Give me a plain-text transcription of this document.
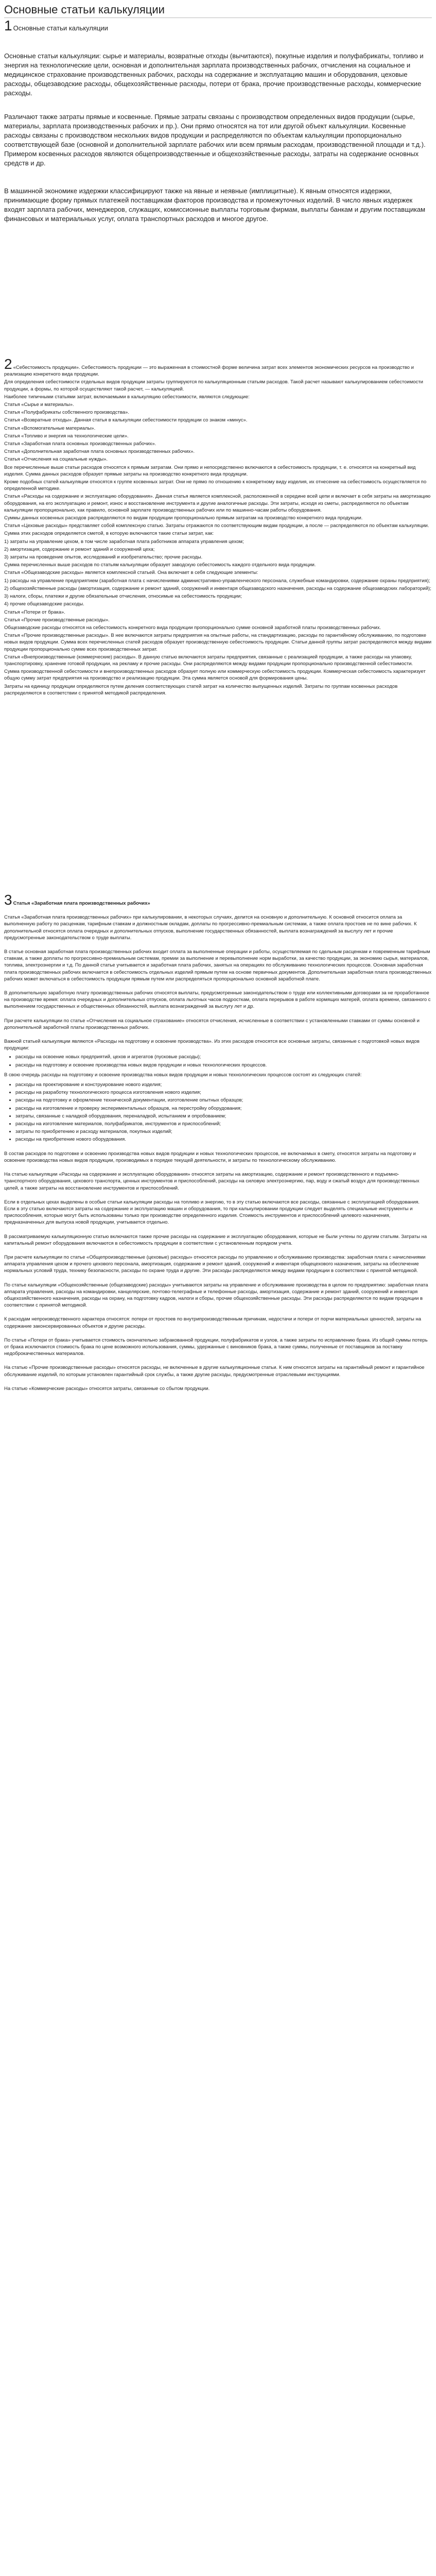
Основные статьи калькуляции
1 Основные статьи калькуляции

Основные статьи калькуляции: сырье и материалы, возвратные отходы (вычитаются), покупные изделия и полуфабрикаты, топливо и энергия на технологические цели, основная и дополнительная зарплата производственных рабочих, отчисления на социальное и медицинское страхование производственных рабочих, расходы на содержание и эксплуатацию машин и оборудования, цеховые расходы, общезаводские расходы, общехозяйственные расходы, потери от брака, прочие производственные расходы, коммерческие расходы.

Различают также затраты прямые и косвенные. Прямые затраты связаны с производством определенных видов продукции (сырье, материалы, зарплата производственных рабочих и пр.). Они прямо относятся на тот или другой объект калькуляции. Косвенные расходы связаны с производством нескольких видов продукции и распределяются по объектам калькуляции пропорционально соответствующей базе (основной и дополнительной зарплате рабочих или всем прямым расходам, производственной площади и т.д.). Примером косвенных расходов являются общепроизводственные и общехозяйственные расходы, затраты на содержание основных средств и др.

В машинной экономике издержки классифицируют также на явные и неявные (имплицитные). К явным относятся издержки, принимающие форму прямых платежей поставщикам факторов производства и промежуточных изделий. В число явных издержек входят зарплата рабочих, менеджеров, служащих, комиссионные выплаты торговым фирмам, выплаты банкам и другим поставщикам финансовых и материальных услуг, оплата транспортных расходов и многое другое.

2 «Себестоимость продукции». Себестоимость продукции — это выраженная в стоимостной форме величина затрат всех элементов экономических ресурсов на производство и реализацию конкретного вида продукции.

Для определения себестоимости отдельных видов продукции затраты группируются по калькуляционным статьям расходов. Такой расчет называют калькулированием себестоимости продукции, а формы, по которой осуществляют такой расчет, — калькуляцией.

Наиболее типичными статьями затрат, включаемыми в калькуляцию себестоимости, являются следующие:

Статья «Сырье и материалы».

Статья «Полуфабрикаты собственного производства».

Статья «Возвратные отходы». Данная статья в калькуляции себестоимости продукции со знаком «минус».

Статья «Вспомогательные материалы».

Статья «Топливо и энергия на технологические цели».

Статья «Заработная плата основных производственных рабочих».

Статья «Дополнительная заработная плата основных производственных рабочих».

Статья «Отчисления на социальные нужды».

Все перечисленные выше статьи расходов относятся к прямым затратам. Они прямо и непосредственно включаются в себестоимость продукции, т. е. относятся на конкретный вид изделия. Сумма данных расходов образует прямые затраты на производство конкретного вида продукции.

Кроме подобных статей калькуляции относятся к группе косвенных затрат. Они не прямо по отношению к конкретному виду изделия, их отнесение на себестоимость осуществляется по определенной методике.

Статья «Расходы на содержание и эксплуатацию оборудования». Данная статья является комплексной, расположенной в середине всей цепи и включает в себя затраты на амортизацию оборудования, на его эксплуатацию и ремонт, износ и восстановление инструмента и другие аналогичные расходы. Эти затраты, исходя из сметы, распределяются по объектам калькуляции пропорционально, как правило, основной зарплате производственных рабочих или по машинно-часам работы оборудования.

Суммы данных косвенных расходов распределяются по видам продукции пропорционально прямым затратам на производство конкретного вида продукции.

Статья «Цеховые расходы» представляет собой комплексную статью. Затраты отражаются по соответствующим видам продукции, а после — распределяются по объектам калькуляции.

Сумма этих расходов определяется сметой, в которую включаются такие статьи затрат, как:

1) затраты на управление цехом, в том числе заработная плата работников аппарата управления цехом;

2) амортизация, содержание и ремонт зданий и сооружений цеха;

3) затраты на проведение опытов, исследований и изобретательство; прочие расходы.

Сумма перечисленных выше расходов по статьям калькуляции образует заводскую себестоимость каждого отдельного вида продукции.

Статья «Общезаводские расходы» является комплексной статьей. Она включает в себя следующие элементы:

1) расходы на управление предприятием (заработная плата с начислениями административно-управленческого персонала, служебные командировки, содержание охраны предприятия);

2) общехозяйственные расходы (амортизация, содержание и ремонт зданий, сооружений и инвентаря общезаводского назначения, расходы на содержание общезаводских лабораторий);

3) налоги, сборы, платежи и другие обязательные отчисления, относимые на себестоимость продукции;

4) прочие общезаводские расходы.

Статья «Потери от брака».

Статья «Прочие производственные расходы».

Общезаводские расходы относятся на себестоимость конкретного вида продукции пропорционально сумме основной заработной платы производственных рабочих.

Статья «Прочие производственные расходы». В нее включаются затраты предприятия на опытные работы, на стандартизацию, расходы по гарантийному обслуживанию, по подготовке новых видов продукции. Сумма всех перечисленных статей расходов образует производственную себестоимость продукции. Статьи данной группы затрат распределяются между видами продукции пропорционально сумме всех производственных затрат.

Статья «Внепроизводственные (коммерческие) расходы». В данную статью включаются затраты предприятия, связанные с реализацией продукции, а также расходы на упаковку, транспортировку, хранение готовой продукции, на рекламу и прочие расходы. Они распределяются между видами продукции пропорционально производственной себестоимости.

Сумма производственной себестоимости и внепроизводственных расходов образует полную или коммерческую себестоимость продукции. Коммерческая себестоимость характеризует общую сумму затрат предприятия на производство и реализацию продукции. Эта сумма является основой для формирования цены.

Затраты на единицу продукции определяются путем деления соответствующих статей затрат на количество выпущенных изделий. Затраты по группам косвенных расходов распределяются в соответствии с принятой методикой распределения.

3 Статья «Заработная плата производственных рабочих»

Статья «Заработная плата производственных рабочих» при калькулировании, в некоторых случаях, делится на основную и дополнительную. К основной относится оплата за выполненную работу по расценкам, тарифным ставкам и должностным окладам, доплаты по прогрессивно-премиальным системам, а также оплата простоев не по вине рабочих. К дополнительной относятся оплата очередных и дополнительных отпусков, выполнение государственных обязанностей, выплата вознаграждений за выслугу лет и прочие предусмотренные законодательством о труде выплаты.

В статье основная заработная плата производственных рабочих входит оплата за выполненные операции и работы, осуществляемая по сдельным расценкам и повременным тарифным ставкам, а также доплаты по прогрессивно-премиальным системам, премии за выполнение и перевыполнение норм выработки, за качество продукции, за экономию сырья, материалов, топлива, электроэнергии и т.д. По данной статье учитывается и заработная плата рабочих, занятых на операциях по обслуживанию технологических процессов. Основная заработная плата производственных рабочих включается в себестоимость отдельных изделий прямым путем на основе первичных документов. Дополнительная заработная плата производственных рабочих может включаться в себестоимость продукции прямым путем или распределяться пропорционально основной заработной плате.

В дополнительную заработную плату производственных рабочих относятся выплаты, предусмотренные законодательством о труде или коллективными договорами за не проработанное на производстве время: оплата очередных и дополнительных отпусков, оплата льготных часов подросткам, оплата перерывов в работе кормящих матерей, оплата времени, связанного с выполнением государственных и общественных обязанностей, выплата вознаграждений за выслугу лет и др.

При расчете калькуляции по статье «Отчисления на социальное страхование» относятся отчисления, исчисленные в соответствии с установленными ставками от суммы основной и дополнительной заработной платы производственных рабочих.

Важной статьей калькуляции являются «Расходы на подготовку и освоение производства». Из этих расходов относятся все основные затраты, связанные с подготовкой новых видов продукции:

• расходы на освоение новых предприятий, цехов и агрегатов (пусковые расходы);
• расходы на подготовку и освоение производства новых видов продукции и новых технологических процессов.

В свою очередь расходы на подготовку и освоение производства новых видов продукции и новых технологических процессов состоят из следующих статей:

• расходы на проектирование и конструирование нового изделия;
• расходы на разработку технологического процесса изготовления нового изделия;
• расходы на подготовку и оформление технической документации, изготовление опытных образцов;
• расходы на изготовление и проверку экспериментальных образцов, на перестройку оборудования;
• затраты, связанные с наладкой оборудования, переналадкой, испытанием и опробованием;
• расходы на изготовление материалов, полуфабрикатов, инструментов и приспособлений;
• затраты по приобретению и расходу материалов, покупных изделий;
• расходы на приобретение нового оборудования.

В состав расходов по подготовке и освоению производства новых видов продукции и новых технологических процессов, не включаемых в смету, относятся затраты на подготовку и освоение производства новых видов продукции, производимых в порядке текущей деятельности, и затраты по технологическому обслуживанию.

На статью калькуляции «Расходы на содержание и эксплуатацию оборудования» относятся затраты на амортизацию, содержание и ремонт производственного и подъемно-транспортного оборудования, цехового транспорта, ценных инструментов и приспособлений, расходы на силовую электроэнергию, пар, воду и сжатый воздух для производственных целей, а также затраты на восстановление инструментов и приспособлений.

Если в отдельных цехах выделены в особые статьи калькуляции расходы на топливо и энергию, то в эту статью включаются все расходы, связанные с эксплуатацией оборудования. Если в эту статью включаются затраты на содержание и эксплуатацию машин и оборудования, то при калькулировании продукции следует выделять специальные инструменты и приспособления, которые могут быть использованы только при производстве определенного изделия. Стоимость инструментов и приспособлений целевого назначения, предназначенных для выпуска новой продукции, учитывается отдельно.

В рассматриваемую калькуляционную статью включаются также прочие расходы на содержание и эксплуатацию оборудования, которые не были учтены по другим статьям. Затраты на капитальный ремонт оборудования включаются в себестоимость продукции в соответствии с установленным порядком учета.

При расчете калькуляции по статье «Общепроизводственные (цеховые) расходы» относятся расходы по управлению и обслуживанию производства: заработная плата с начислениями аппарата управления цехом и прочего цехового персонала, амортизация, содержание и ремонт зданий, сооружений и инвентаря общецехового назначения, затраты на обеспечение нормальных условий труда, технику безопасности, расходы по охране труда и другие. Эти расходы распределяются между видами продукции в соответствии с принятой методикой.

По статье калькуляции «Общехозяйственные (общезаводские) расходы» учитываются затраты на управление и обслуживание производства в целом по предприятию: заработная плата аппарата управления, расходы на командировки, канцелярские, почтово-телеграфные и телефонные расходы, амортизация, содержание и ремонт зданий, сооружений и инвентаря общехозяйственного назначения, расходы на охрану, на подготовку кадров, налоги и сборы, прочие общехозяйственные расходы. Эти расходы распределяются по видам продукции в соответствии с принятой методикой.

К расходам непроизводственного характера относятся: потери от простоев по внутрипроизводственным причинам, недостачи и потери от порчи материальных ценностей, затраты на содержание законсервированных объектов и другие расходы.

По статье «Потери от брака» учитывается стоимость окончательно забракованной продукции, полуфабрикатов и узлов, а также затраты по исправлению брака. Из общей суммы потерь от брака исключаются стоимость брака по цене возможного использования, суммы, удержанные с виновников брака, а также суммы, полученные от поставщиков за поставку недоброкачественных материалов.

На статью «Прочие производственные расходы» относятся расходы, не включенные в другие калькуляционные статьи. К ним относятся затраты на гарантийный ремонт и гарантийное обслуживание изделий, по которым установлен гарантийный срок службы, а также другие расходы, предусмотренные отраслевыми инструкциями.

На статью «Коммерческие расходы» относятся затраты, связанные со сбытом продукции.
